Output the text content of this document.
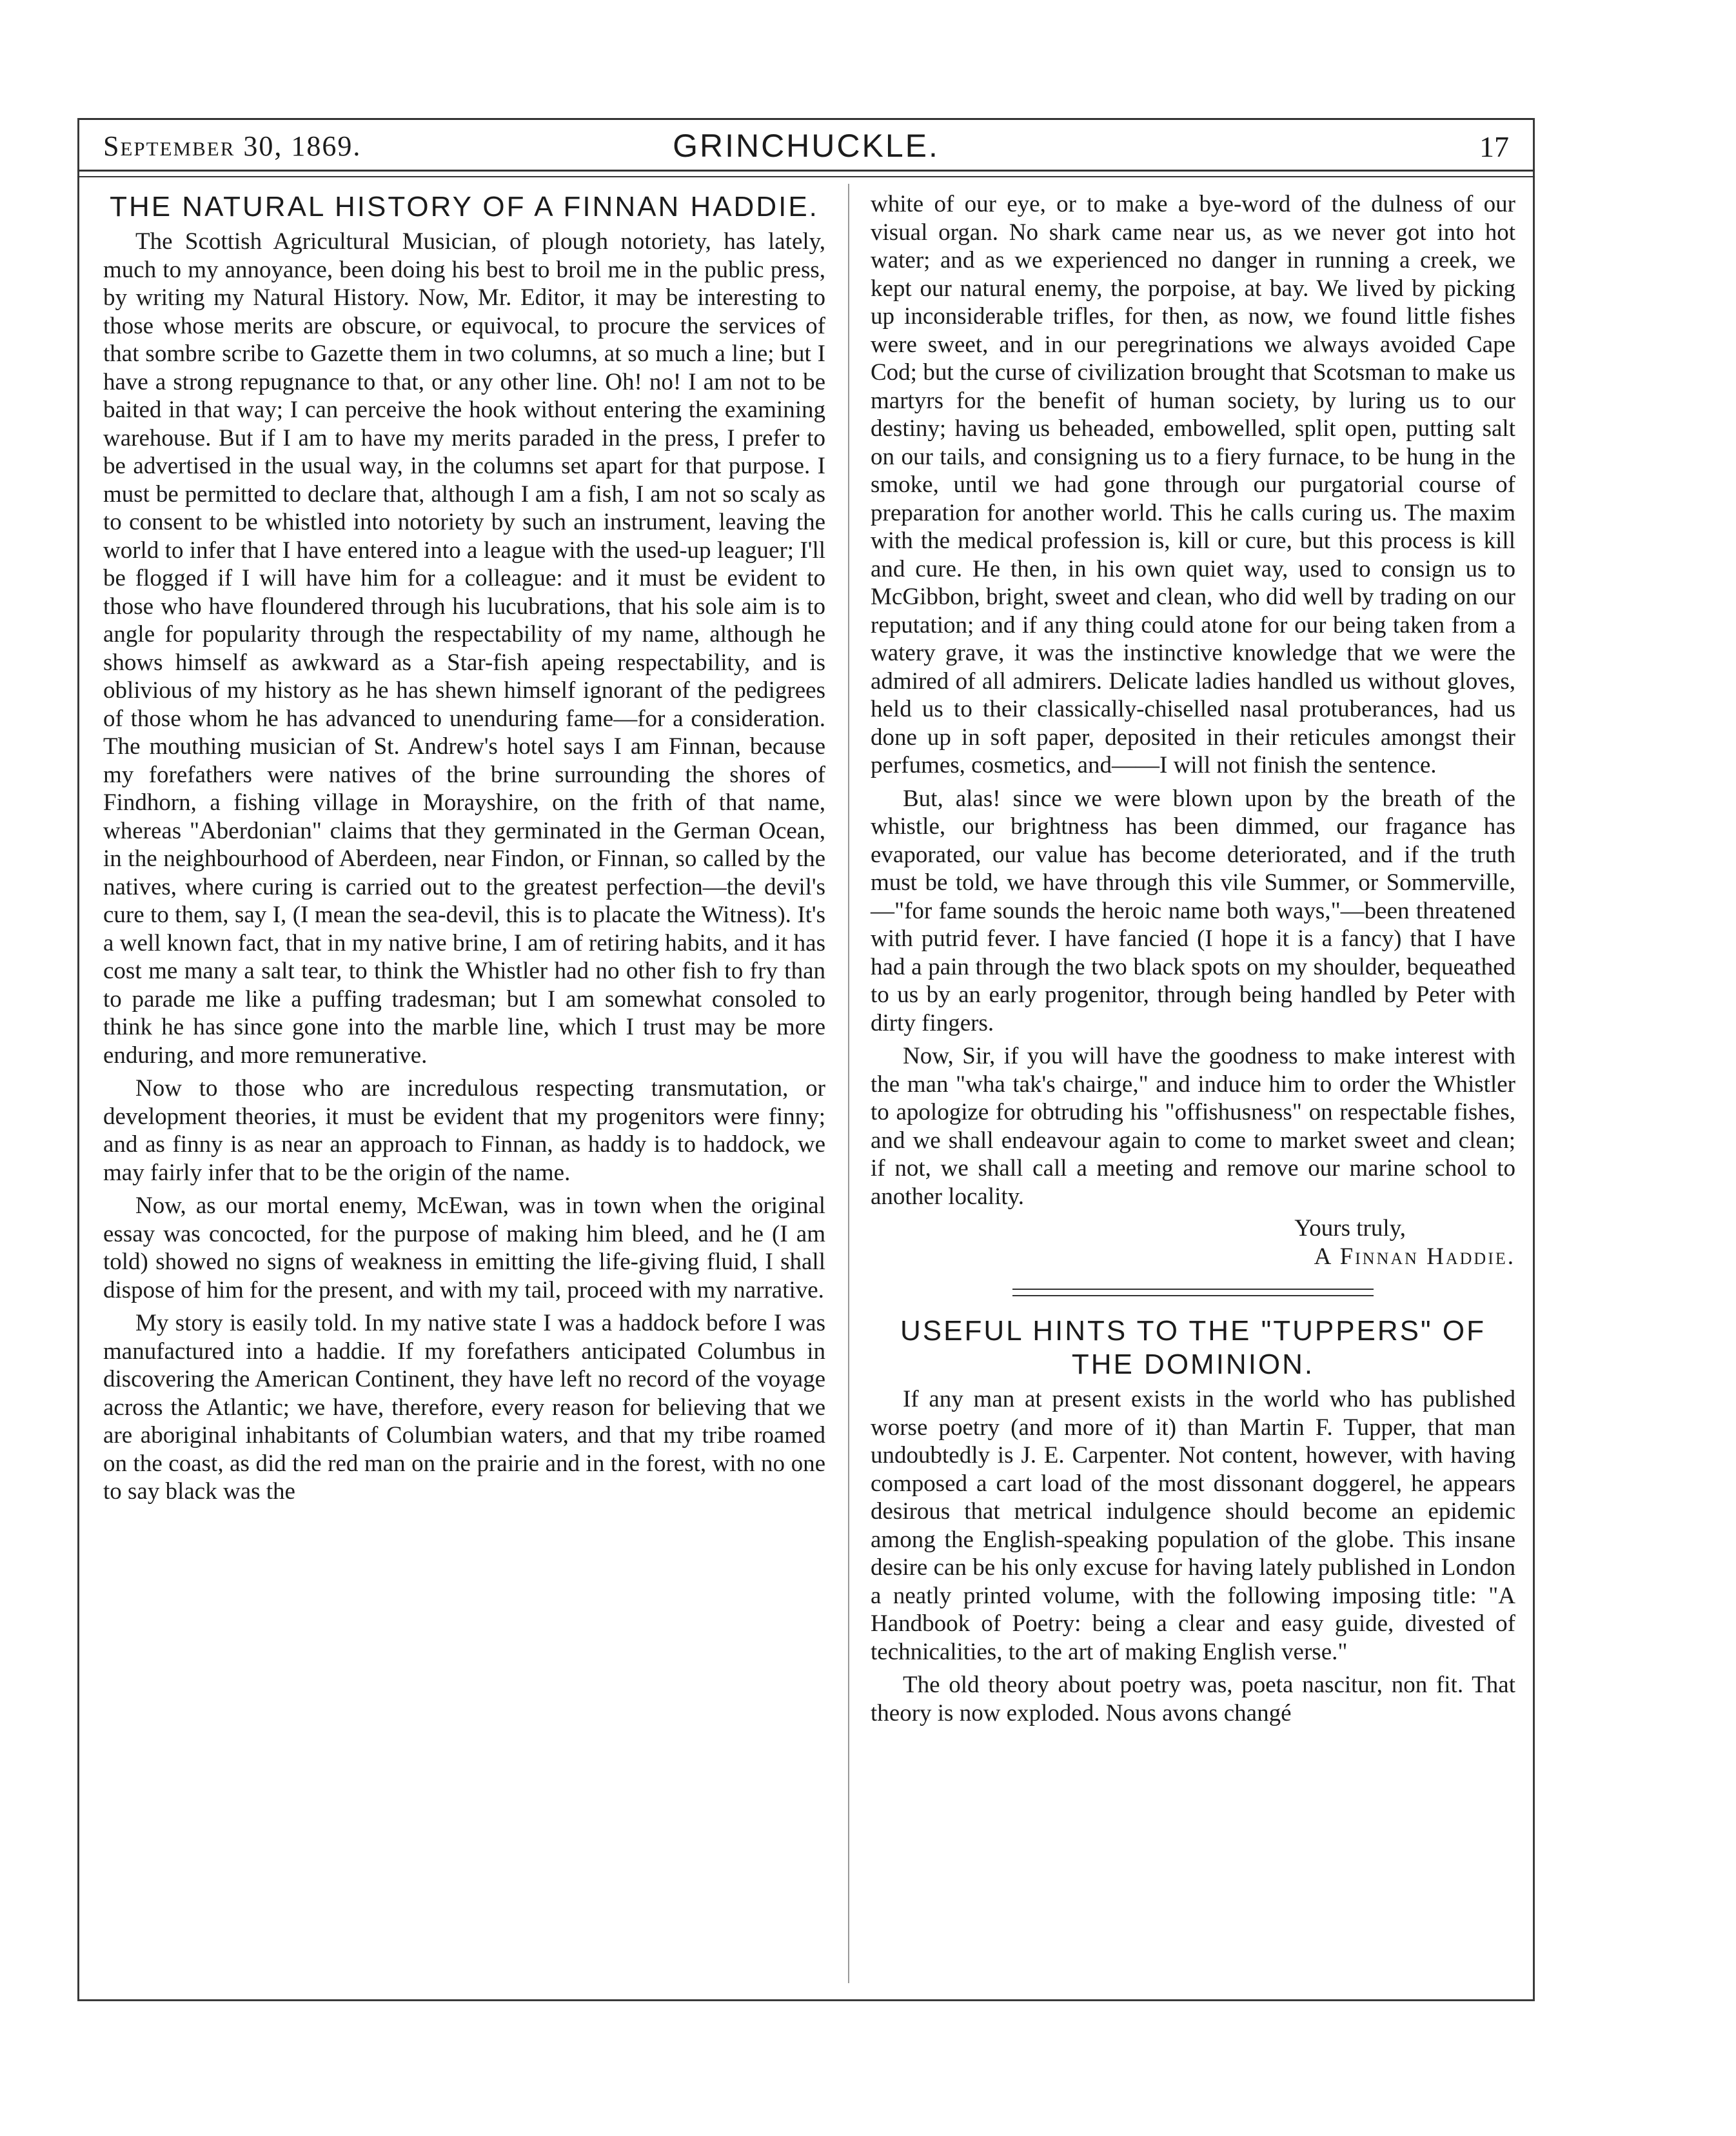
September 30, 1869.	GRINCHUCKLE.	17
THE NATURAL HISTORY OF A FINNAN HADDIE.

The Scottish Agricultural Musician, of plough notoriety, has lately, much to my annoyance, been doing his best to broil me in the public press, by writing my Natural History. Now, Mr. Editor, it may be interesting to those whose merits are obscure, or equivocal, to procure the services of that sombre scribe to Gazette them in two columns, at so much a line; but I have a strong repugnance to that, or any other line. Oh! no! I am not to be baited in that way; I can perceive the hook without entering the examining warehouse. But if I am to have my merits paraded in the press, I prefer to be advertised in the usual way, in the columns set apart for that purpose. I must be permitted to declare that, although I am a fish, I am not so scaly as to consent to be whistled into notoriety by such an instrument, leaving the world to infer that I have entered into a league with the used-up leaguer; I'll be flogged if I will have him for a colleague: and it must be evident to those who have floundered through his lucubrations, that his sole aim is to angle for popularity through the respectability of my name, although he shows himself as awkward as a Star-fish apeing respectability, and is oblivious of my history as he has shewn himself ignorant of the pedigrees of those whom he has advanced to unenduring fame—for a consideration. The mouthing musician of St. Andrew's hotel says I am Finnan, because my forefathers were natives of the brine surrounding the shores of Findhorn, a fishing village in Morayshire, on the frith of that name, whereas "Aberdonian" claims that they germinated in the German Ocean, in the neighbourhood of Aberdeen, near Findon, or Finnan, so called by the natives, where curing is carried out to the greatest perfection—the devil's cure to them, say I, (I mean the sea-devil, this is to placate the Witness). It's a well known fact, that in my native brine, I am of retiring habits, and it has cost me many a salt tear, to think the Whistler had no other fish to fry than to parade me like a puffing tradesman; but I am somewhat consoled to think he has since gone into the marble line, which I trust may be more enduring, and more remunerative.

Now to those who are incredulous respecting transmutation, or development theories, it must be evident that my progenitors were finny; and as finny is as near an approach to Finnan, as haddy is to haddock, we may fairly infer that to be the origin of the name.

Now, as our mortal enemy, McEwan, was in town when the original essay was concocted, for the purpose of making him bleed, and he (I am told) showed no signs of weakness in emitting the life-giving fluid, I shall dispose of him for the present, and with my tail, proceed with my narrative.

My story is easily told. In my native state I was a haddock before I was manufactured into a haddie. If my forefathers anticipated Columbus in discovering the American Continent, they have left no record of the voyage across the Atlantic; we have, therefore, every reason for believing that we are aboriginal inhabitants of Columbian waters, and that my tribe roamed on the coast, as did the red man on the prairie and in the forest, with no one to say black was the

white of our eye, or to make a bye-word of the dulness of our visual organ. No shark came near us, as we never got into hot water; and as we experienced no danger in running a creek, we kept our natural enemy, the porpoise, at bay. We lived by picking up inconsiderable trifles, for then, as now, we found little fishes were sweet, and in our peregrinations we always avoided Cape Cod; but the curse of civilization brought that Scotsman to make us martyrs for the benefit of human society, by luring us to our destiny; having us beheaded, embowelled, split open, putting salt on our tails, and consigning us to a fiery furnace, to be hung in the smoke, until we had gone through our purgatorial course of preparation for another world. This he calls curing us. The maxim with the medical profession is, kill or cure, but this process is kill and cure. He then, in his own quiet way, used to consign us to McGibbon, bright, sweet and clean, who did well by trading on our reputation; and if any thing could atone for our being taken from a watery grave, it was the instinctive knowledge that we were the admired of all admirers. Delicate ladies handled us without gloves, held us to their classically-chiselled nasal protuberances, had us done up in soft paper, deposited in their reticules amongst their perfumes, cosmetics, and——I will not finish the sentence.

But, alas! since we were blown upon by the breath of the whistle, our brightness has been dimmed, our fragance has evaporated, our value has become deteriorated, and if the truth must be told, we have through this vile Summer, or Sommerville,—"for fame sounds the heroic name both ways,"—been threatened with putrid fever. I have fancied (I hope it is a fancy) that I have had a pain through the two black spots on my shoulder, bequeathed to us by an early progenitor, through being handled by Peter with dirty fingers.

Now, Sir, if you will have the goodness to make interest with the man "wha tak's chairge," and induce him to order the Whistler to apologize for obtruding his "offishusness" on respectable fishes, and we shall endeavour again to come to market sweet and clean; if not, we shall call a meeting and remove our marine school to another locality.

Yours truly,
A Finnan Haddie.
USEFUL HINTS TO THE "TUPPERS" OF THE DOMINION.

If any man at present exists in the world who has published worse poetry (and more of it) than Martin F. Tupper, that man undoubtedly is J. E. Carpenter. Not content, however, with having composed a cart load of the most dissonant doggerel, he appears desirous that metrical indulgence should become an epidemic among the English-speaking population of the globe. This insane desire can be his only excuse for having lately published in London a neatly printed volume, with the following imposing title: "A Handbook of Poetry: being a clear and easy guide, divested of technicalities, to the art of making English verse."

The old theory about poetry was, poeta nascitur, non fit. That theory is now exploded. Nous avons changé
